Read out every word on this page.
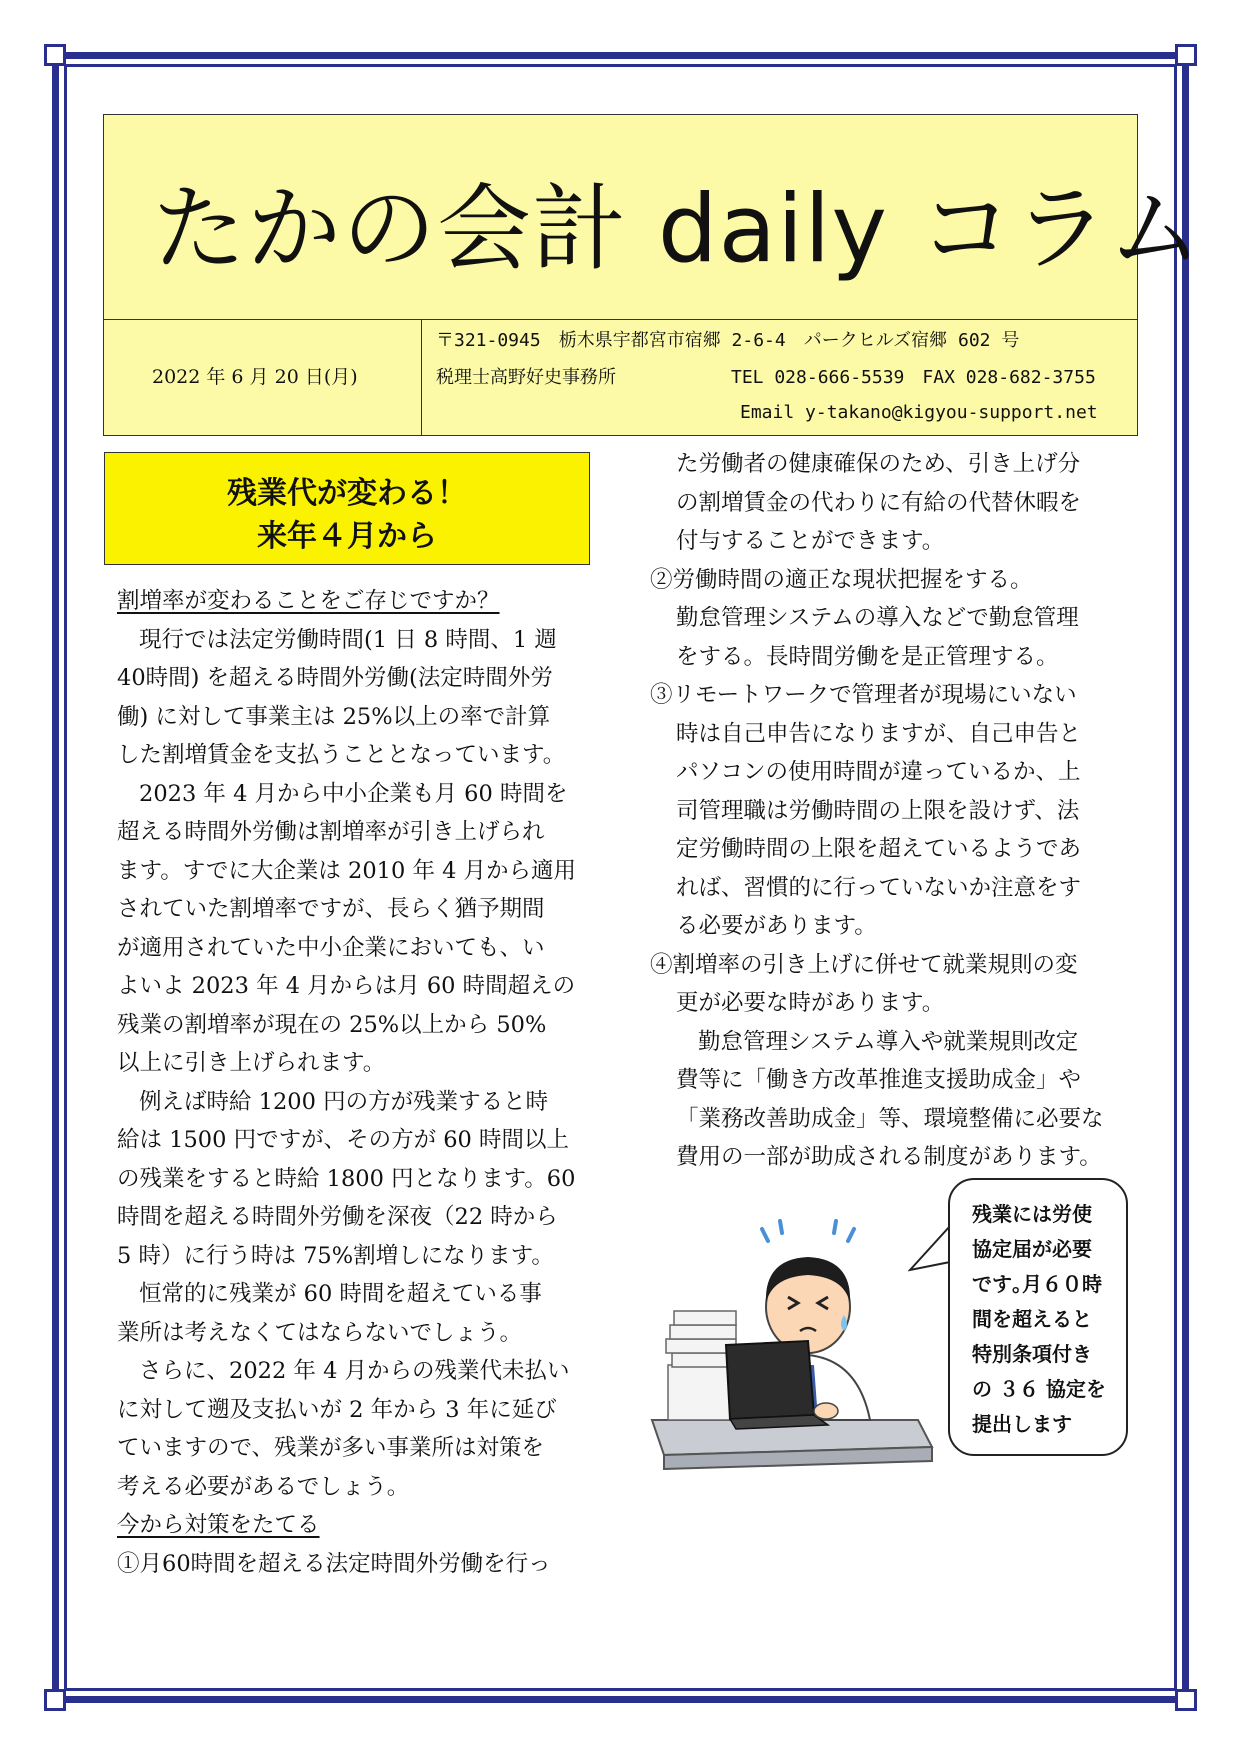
たかの会計 daily コラム
2022 年 6 月 20 日(月)
〒321-0945　栃木県宇都宮市宿郷 2-6-4　パークヒルズ宿郷 602 号
税理士高野好史事務所	TEL 028-666-5539　FAX 028-682-3755
Email y-takano@kigyou-support.net
残業代が変わる！
来年４月から
割増率が変わることをご存じですか？
現行では法定労働時間(1 日 8 時間、1 週
40時間) を超える時間外労働(法定時間外労
働) に対して事業主は 25%以上の率で計算
した割増賃金を支払うこととなっています。
2023 年 4 月から中小企業も月 60 時間を
超える時間外労働は割増率が引き上げられ
ます。すでに大企業は 2010 年 4 月から適用
されていた割増率ですが、長らく猶予期間
が適用されていた中小企業においても、い
よいよ 2023 年 4 月からは月 60 時間超えの
残業の割増率が現在の 25%以上から 50%
以上に引き上げられます。
例えば時給 1200 円の方が残業すると時
給は 1500 円ですが、その方が 60 時間以上
の残業をすると時給 1800 円となります。60
時間を超える時間外労働を深夜（22 時から
5 時）に行う時は 75%割増しになります。
恒常的に残業が 60 時間を超えている事
業所は考えなくてはならないでしょう。
さらに、2022 年 4 月からの残業代未払い
に対して遡及支払いが 2 年から 3 年に延び
ていますので、残業が多い事業所は対策を
考える必要があるでしょう。
今から対策をたてる
①月60時間を超える法定時間外労働を行っ
た労働者の健康確保のため、引き上げ分
の割増賃金の代わりに有給の代替休暇を
付与することができます。
②労働時間の適正な現状把握をする。
勤怠管理システムの導入などで勤怠管理
をする。長時間労働を是正管理する。
③リモートワークで管理者が現場にいない
時は自己申告になりますが、自己申告と
パソコンの使用時間が違っているか、上
司管理職は労働時間の上限を設けず、法
定労働時間の上限を超えているようであ
れば、習慣的に行っていないか注意をす
る必要があります。
④割増率の引き上げに併せて就業規則の変
更が必要な時があります。
勤怠管理システム導入や就業規則改定
費等に「働き方改革推進支援助成金」や
「業務改善助成金」等、環境整備に必要な
費用の一部が助成される制度があります。
残業には労使
協定届が必要
です｡月６０時
間を超えると
特別条項付き
の ３６ 協定を
提出します
